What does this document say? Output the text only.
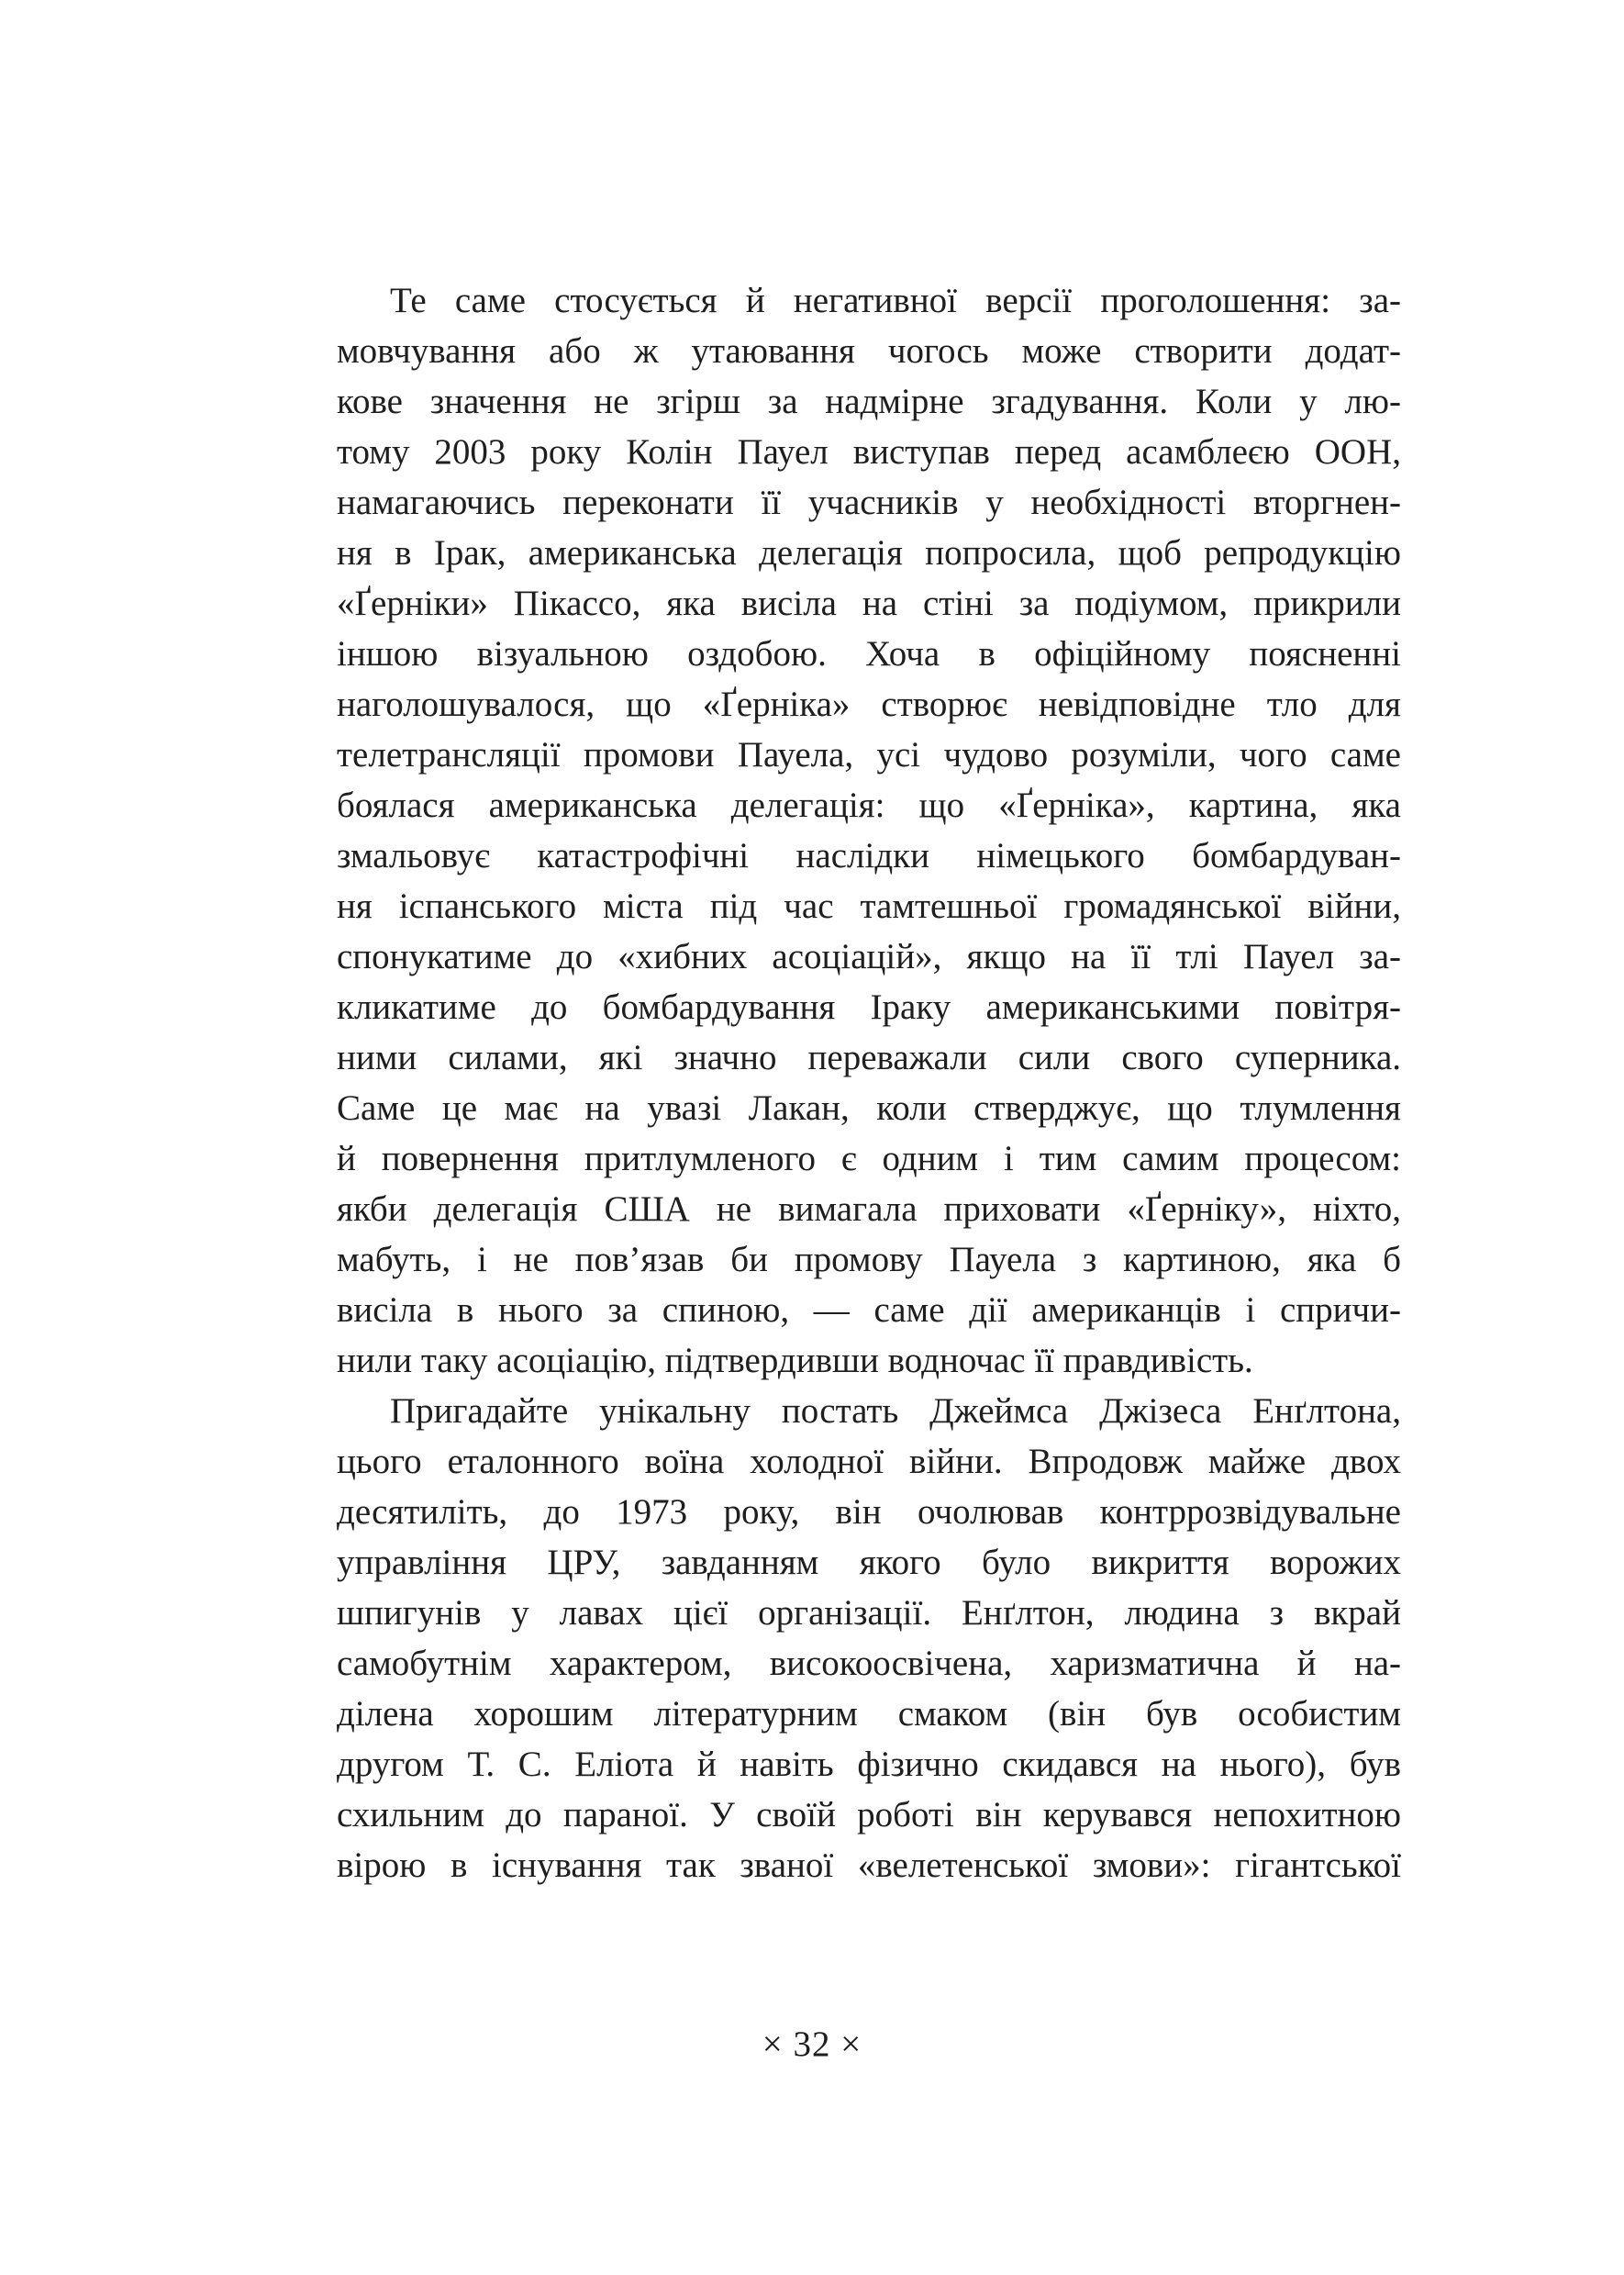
Те саме стосується й негативної версії проголошення: за-
мовчування або ж утаювання чогось може створити додат-
кове значення не згірш за надмірне згадування. Коли у лю-
тому 2003 року Колін Пауел виступав перед асамблеєю ООН,
намагаючись переконати її учасників у необхідності вторгнен-
ня в Ірак, американська делегація попросила, щоб репродукцію
«Ґерніки» Пікассо, яка висіла на стіні за подіумом, прикрили
іншою візуальною оздобою. Хоча в офіційному поясненні
наголошувалося, що «Ґерніка» створює невідповідне тло для
телетрансляції промови Пауела, усі чудово розуміли, чого саме
боялася американська делегація: що «Ґерніка», картина, яка
змальовує катастрофічні наслідки німецького бомбардуван-
ня іспанського міста під час тамтешньої громадянської війни,
спонукатиме до «хибних асоціацій», якщо на її тлі Пауел за-
кликатиме до бомбардування Іраку американськими повітря-
ними силами, які значно переважали сили свого суперника.
Саме це має на увазі Лакан, коли стверджує, що тлумлення
й повернення притлумленого є одним і тим самим процесом:
якби делегація США не вимагала приховати «Ґерніку», ніхто,
мабуть, і не пов’язав би промову Пауела з картиною, яка б
висіла в нього за спиною, — саме дії американців і спричи-
нили таку асоціацію, підтвердивши водночас її правдивість.
Пригадайте унікальну постать Джеймса Джізеса Енґлтона,
цього еталонного воїна холодної війни. Впродовж майже двох
десятиліть, до 1973 року, він очолював контррозвідувальне
управління ЦРУ, завданням якого було викриття ворожих
шпигунів у лавах цієї організації. Енґлтон, людина з вкрай
самобутнім характером, високоосвічена, харизматична й на-
ділена хорошим літературним смаком (він був особистим
другом Т. С. Еліота й навіть фізично скидався на нього), був
схильним до параної. У своїй роботі він керувався непохитною
вірою в існування так званої «велетенської змови»: гігантської
× 32 ×
